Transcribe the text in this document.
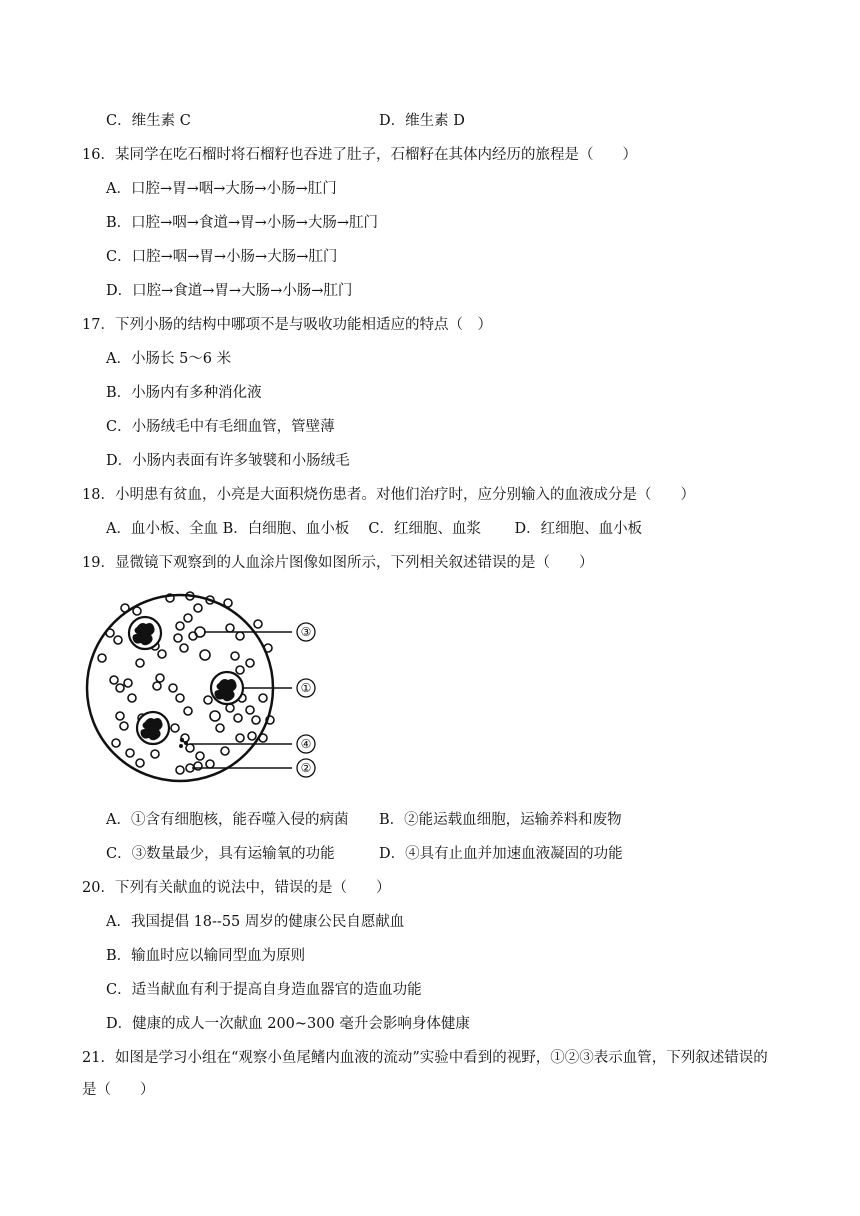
C．维生素 C	D．维生素 D
16．某同学在吃石榴时将石榴籽也吞进了肚子，石榴籽在其体内经历的旅程是（　　）
A．口腔→胃→咽→大肠→小肠→肛门
B．口腔→咽→食道→胃→小肠→大肠→肛门
C．口腔→咽→胃→小肠→大肠→肛门
D．口腔→食道→胃→大肠→小肠→肛门
17．下列小肠的结构中哪项不是与吸收功能相适应的特点（　）
A．小肠长 5～6 米
B．小肠内有多种消化液
C．小肠绒毛中有毛细血管，管壁薄
D．小肠内表面有许多皱襞和小肠绒毛
18．小明患有贫血，小亮是大面积烧伤患者。对他们治疗时，应分别输入的血液成分是（　　）
A．血小板、全血 B．白细胞、血小板　 C．红细胞、血浆　　 D．红细胞、血小板
19．显微镜下观察到的人血涂片图像如图所示，下列相关叙述错误的是（　　）
③
①
④
②
A．①含有细胞核，能吞噬入侵的病菌 B．②能运载血细胞，运输养料和废物
C．③数量最少，具有运输氧的功能	D．④具有止血并加速血液凝固的功能
20．下列有关献血的说法中，错误的是（　　）
A．我国提倡 18--55 周岁的健康公民自愿献血
B．输血时应以输同型血为原则
C．适当献血有利于提高自身造血器官的造血功能
D．健康的成人一次献血 200~300 毫升会影响身体健康
21．如图是学习小组在“观察小鱼尾鳍内血液的流动”实验中看到的视野，①②③表示血管，下列叙述错误的
是（　　）
